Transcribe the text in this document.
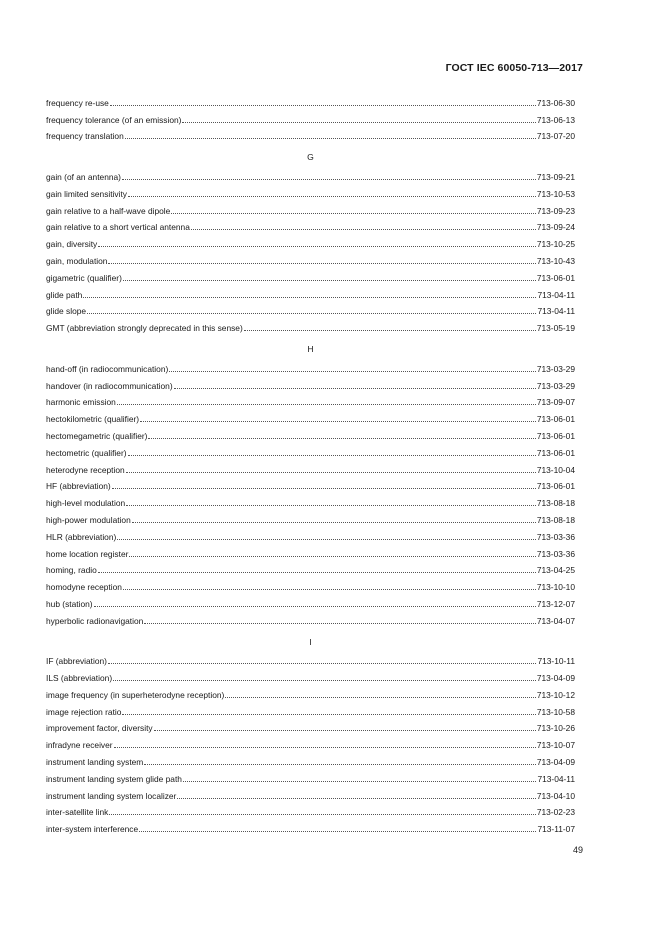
ГОСТ IEC 60050-713—2017
frequency re-use	713-06-30
frequency tolerance (of an emission)	713-06-13
frequency translation	713-07-20
G
gain (of an antenna)	713-09-21
gain limited sensitivity	713-10-53
gain relative to a half-wave dipole	713-09-23
gain relative to a short vertical antenna	713-09-24
gain, diversity	713-10-25
gain, modulation	713-10-43
gigametric (qualifier)	713-06-01
glide path	713-04-11
glide slope	713-04-11
GMT (abbreviation strongly deprecated in this sense)	713-05-19
H
hand-off (in radiocommunication)	713-03-29
handover (in radiocommunication)	713-03-29
harmonic emission	713-09-07
hectokilometric (qualifier)	713-06-01
hectomegametric (qualifier)	713-06-01
hectometric (qualifier)	713-06-01
heterodyne reception	713-10-04
HF (abbreviation)	713-06-01
high-level modulation	713-08-18
high-power modulation	713-08-18
HLR (abbreviation)	713-03-36
home location register	713-03-36
homing, radio	713-04-25
homodyne reception	713-10-10
hub (station)	713-12-07
hyperbolic radionavigation	713-04-07
I
IF (abbreviation)	713-10-11
ILS (abbreviation)	713-04-09
image frequency (in superheterodyne reception)	713-10-12
image rejection ratio	713-10-58
improvement factor, diversity	713-10-26
infradyne receiver	713-10-07
instrument landing system	713-04-09
instrument landing system glide path	713-04-11
instrument landing system localizer	713-04-10
inter-satellite link	713-02-23
inter-system interference	713-11-07
49
